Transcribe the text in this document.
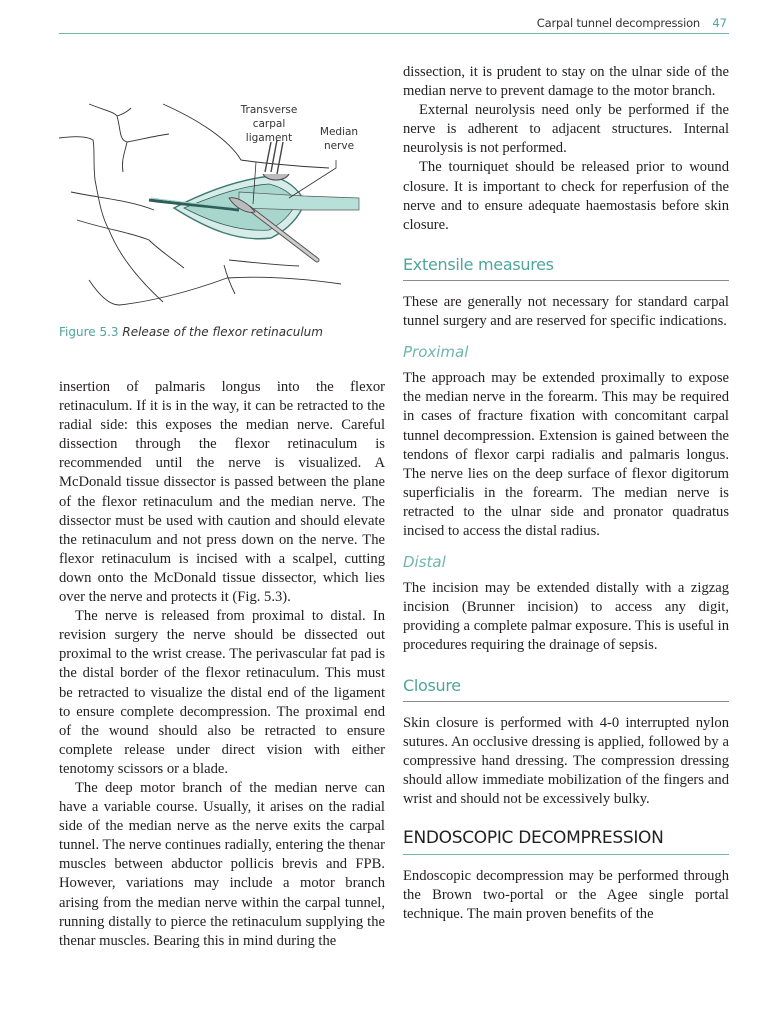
Carpal tunnel decompression 47
Transverse
carpal
ligament	Median
nerve
Figure 5.3 Release of the flexor retinaculum

insertion of palmaris longus into the flexor retinaculum. If it is in the way, it can be retracted to the radial side: this exposes the median nerve. Careful dissection through the flexor retinaculum is recommended until the nerve is visualized. A McDonald tissue dissector is passed between the plane of the flexor retinaculum and the median nerve. The dissector must be used with caution and should elevate the retinaculum and not press down on the nerve. The flexor retinaculum is incised with a scalpel, cutting down onto the McDonald tissue dissector, which lies over the nerve and protects it (Fig. 5.3).

The nerve is released from proximal to distal. In revision surgery the nerve should be dissected out proximal to the wrist crease. The perivascular fat pad is the distal border of the flexor retinaculum. This must be retracted to visualize the distal end of the ligament to ensure complete decompression. The proximal end of the wound should also be retracted to ensure complete release under direct vision with either tenotomy scissors or a blade.

The deep motor branch of the median nerve can have a variable course. Usually, it arises on the radial side of the median nerve as the nerve exits the carpal tunnel. The nerve continues radially, entering the thenar muscles between abductor pollicis brevis and FPB. However, variations may include a motor branch arising from the median nerve within the carpal tunnel, running distally to pierce the retinaculum supplying the thenar muscles. Bearing this in mind during the

dissection, it is prudent to stay on the ulnar side of the median nerve to prevent damage to the motor branch.

External neurolysis need only be performed if the nerve is adherent to adjacent structures. Internal neurolysis is not performed.

The tourniquet should be released prior to wound closure. It is important to check for reperfusion of the nerve and to ensure adequate haemostasis before skin closure.

Extensile measures

These are generally not necessary for standard carpal tunnel surgery and are reserved for specific indications.

Proximal

The approach may be extended proximally to expose the median nerve in the forearm. This may be required in cases of fracture fixation with concomitant carpal tunnel decompression. Extension is gained between the tendons of flexor carpi radialis and palmaris longus. The nerve lies on the deep surface of flexor digitorum superficialis in the forearm. The median nerve is retracted to the ulnar side and pronator quadratus incised to access the distal radius.

Distal

The incision may be extended distally with a zigzag incision (Brunner incision) to access any digit, providing a complete palmar exposure. This is useful in procedures requiring the drainage of sepsis.

Closure

Skin closure is performed with 4-0 interrupted nylon sutures. An occlusive dressing is applied, followed by a compressive hand dressing. The compression dressing should allow immediate mobilization of the fingers and wrist and should not be excessively bulky.

ENDOSCOPIC DECOMPRESSION

Endoscopic decompression may be performed through the Brown two-portal or the Agee single portal technique. The main proven benefits of the
